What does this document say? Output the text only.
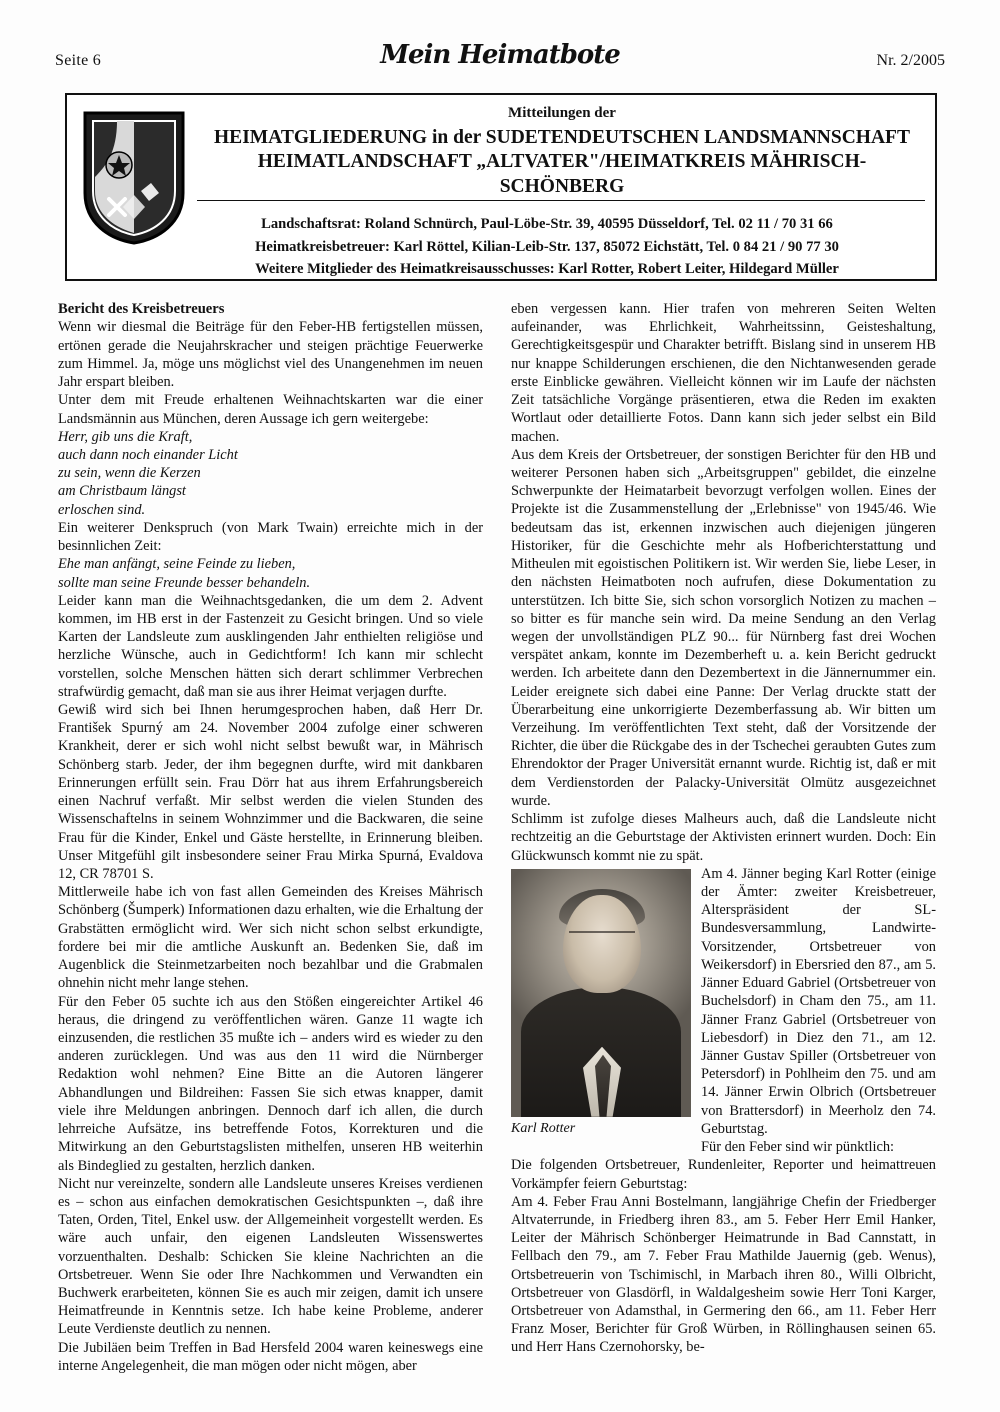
Seite 6	Mein Heimatbote	Nr. 2/2005
Mitteilungen der
HEIMATGLIEDERUNG in der SUDETENDEUTSCHEN LANDSMANNSCHAFT
HEIMATLANDSCHAFT „ALTVATER"/HEIMATKREIS MÄHRISCH-SCHÖNBERG
Landschaftsrat: Roland Schnürch, Paul-Löbe-Str. 39, 40595 Düsseldorf, Tel. 02 11 / 70 31 66
Heimatkreisbetreuer: Karl Röttel, Kilian-Leib-Str. 137, 85072 Eichstätt, Tel. 0 84 21 / 90 77 30
Weitere Mitglieder des Heimatkreisausschusses: Karl Rotter, Robert Leiter, Hildegard Müller

Bericht des Kreisbetreuers

Wenn wir diesmal die Beiträge für den Feber-HB fertigstellen müssen, ertönen gerade die Neujahrskracher und steigen prächtige Feuerwerke zum Himmel. Ja, möge uns möglichst viel des Unangenehmen im neuen Jahr erspart bleiben.

Unter dem mit Freude erhaltenen Weihnachtskarten war die einer Landsmännin aus München, deren Aussage ich gern weitergebe:

Herr, gib uns die Kraft,

auch dann noch einander Licht

zu sein, wenn die Kerzen

am Christbaum längst

erloschen sind.

Ein weiterer Denkspruch (von Mark Twain) erreichte mich in der besinnlichen Zeit:

Ehe man anfängt, seine Feinde zu lieben,

sollte man seine Freunde besser behandeln.

Leider kann man die Weihnachtsgedanken, die um dem 2. Advent kommen, im HB erst in der Fastenzeit zu Gesicht bringen. Und so viele Karten der Landsleute zum ausklingenden Jahr enthielten religiöse und herzliche Wünsche, auch in Gedichtform! Ich kann mir schlecht vorstellen, solche Menschen hätten sich derart schlimmer Verbrechen strafwürdig gemacht, daß man sie aus ihrer Heimat verjagen durfte.

Gewiß wird sich bei Ihnen herumgesprochen haben, daß Herr Dr. František Spurný am 24. November 2004 zufolge einer schweren Krankheit, derer er sich wohl nicht selbst bewußt war, in Mährisch Schönberg starb. Jeder, der ihm begegnen durfte, wird mit dankbaren Erinnerungen erfüllt sein. Frau Dörr hat aus ihrem Erfahrungsbereich einen Nachruf verfaßt. Mir selbst werden die vielen Stunden des Wissenschaftelns in seinem Wohnzimmer und die Backwaren, die seine Frau für die Kinder, Enkel und Gäste herstellte, in Erinnerung bleiben. Unser Mitgefühl gilt insbesondere seiner Frau Mirka Spurná, Evaldova 12, CR 78701 S.

Mittlerweile habe ich von fast allen Gemeinden des Kreises Mährisch Schönberg (Šumperk) Informationen dazu erhalten, wie die Erhaltung der Grabstätten ermöglicht wird. Wer sich nicht schon selbst erkundigte, fordere bei mir die amtliche Auskunft an. Bedenken Sie, daß im Augenblick die Steinmetzarbeiten noch bezahlbar und die Grabmalen ohnehin nicht mehr lange stehen.

Für den Feber 05 suchte ich aus den Stößen eingereichter Artikel 46 heraus, die dringend zu veröffentlichen wären. Ganze 11 wagte ich einzusenden, die restlichen 35 mußte ich – anders wird es wieder zu den anderen zurücklegen. Und was aus den 11 wird die Nürnberger Redaktion wohl nehmen? Eine Bitte an die Autoren längerer Abhandlungen und Bildreihen: Fassen Sie sich etwas knapper, damit viele ihre Meldungen anbringen. Dennoch darf ich allen, die durch lehrreiche Aufsätze, ins betreffende Fotos, Korrekturen und die Mitwirkung an den Geburtstagslisten mithelfen, unseren HB weiterhin als Bindeglied zu gestalten, herzlich danken.

Nicht nur vereinzelte, sondern alle Landsleute unseres Kreises verdienen es – schon aus einfachen demokratischen Gesichtspunkten –, daß ihre Taten, Orden, Titel, Enkel usw. der Allgemeinheit vorgestellt werden. Es wäre auch unfair, den eigenen Landsleuten Wissenswertes vorzuenthalten. Deshalb: Schicken Sie kleine Nachrichten an die Ortsbetreuer. Wenn Sie oder Ihre Nachkommen und Verwandten ein Buchwerk erarbeiteten, können Sie es auch mir zeigen, damit ich unsere Heimatfreunde in Kenntnis setze. Ich habe keine Probleme, anderer Leute Verdienste deutlich zu nennen.

Die Jubiläen beim Treffen in Bad Hersfeld 2004 waren keineswegs eine interne Angelegenheit, die man mögen oder nicht mögen, aber

eben vergessen kann. Hier trafen von mehreren Seiten Welten aufeinander, was Ehrlichkeit, Wahrheitssinn, Geisteshaltung, Gerechtigkeitsgespür und Charakter betrifft. Bislang sind in unserem HB nur knappe Schilderungen erschienen, die den Nichtanwesenden gerade erste Einblicke gewähren. Vielleicht können wir im Laufe der nächsten Zeit tatsächliche Vorgänge präsentieren, etwa die Reden im exakten Wortlaut oder detaillierte Fotos. Dann kann sich jeder selbst ein Bild machen.

Aus dem Kreis der Ortsbetreuer, der sonstigen Berichter für den HB und weiterer Personen haben sich „Arbeitsgruppen" gebildet, die einzelne Schwerpunkte der Heimatarbeit bevorzugt verfolgen wollen. Eines der Projekte ist die Zusammenstellung der „Erlebnisse" von 1945/46. Wie bedeutsam das ist, erkennen inzwischen auch diejenigen jüngeren Historiker, für die Geschichte mehr als Hofberichterstattung und Mitheulen mit egoistischen Politikern ist. Wir werden Sie, liebe Leser, in den nächsten Heimatboten noch aufrufen, diese Dokumentation zu unterstützen. Ich bitte Sie, sich schon vorsorglich Notizen zu machen – so bitter es für manche sein wird. Da meine Sendung an den Verlag wegen der unvollständigen PLZ 90... für Nürnberg fast drei Wochen verspätet ankam, konnte im Dezemberheft u. a. kein Bericht gedruckt werden. Ich arbeitete dann den Dezembertext in die Jännernummer ein. Leider ereignete sich dabei eine Panne: Der Verlag druckte statt der Überarbeitung eine unkorrigierte Dezemberfassung ab. Wir bitten um Verzeihung. Im veröffentlichten Text steht, daß der Vorsitzende der Richter, die über die Rückgabe des in der Tschechei geraubten Gutes zum Ehrendoktor der Prager Universität ernannt wurde. Richtig ist, daß er mit dem Verdienstorden der Palacky-Universität Olmütz ausgezeichnet wurde.

Schlimm ist zufolge dieses Malheurs auch, daß die Landsleute nicht rechtzeitig an die Geburtstage der Aktivisten erinnert wurden. Doch: Ein Glückwunsch kommt nie zu spät.

Karl Rotter

Am 4. Jänner beging Karl Rotter (einige der Ämter: zweiter Kreisbetreuer, Alterspräsident der SL-Bundesversammlung, Landwirte-Vorsitzender, Ortsbetreuer von Weikersdorf) in Ebersried den 87., am 5. Jänner Eduard Gabriel (Ortsbetreuer von Buchelsdorf) in Cham den 75., am 11. Jänner Franz Gabriel (Ortsbetreuer von Liebesdorf) in Diez den 71., am 12. Jänner Gustav Spiller (Ortsbetreuer von Petersdorf) in Pohlheim den 75. und am 14. Jänner Erwin Olbrich (Ortsbetreuer von Brattersdorf) in Meerholz den 74. Geburtstag.

Für den Feber sind wir pünktlich:

Die folgenden Ortsbetreuer, Rundenleiter, Reporter und heimattreuen Vorkämpfer feiern Geburtstag:

Am 4. Feber Frau Anni Bostelmann, langjährige Chefin der Friedberger Altvaterrunde, in Friedberg ihren 83., am 5. Feber Herr Emil Hanker, Leiter der Mährisch Schönberger Heimatrunde in Bad Cannstatt, in Fellbach den 79., am 7. Feber Frau Mathilde Jauernig (geb. Wenus), Ortsbetreuerin von Tschimischl, in Marbach ihren 80., Willi Olbricht, Ortsbetreuer von Glasdörfl, in Waldalgesheim sowie Herr Toni Karger, Ortsbetreuer von Adamsthal, in Germering den 66., am 11. Feber Herr Franz Moser, Berichter für Groß Würben, in Röllinghausen seinen 65. und Herr Hans Czernohorsky, be-
